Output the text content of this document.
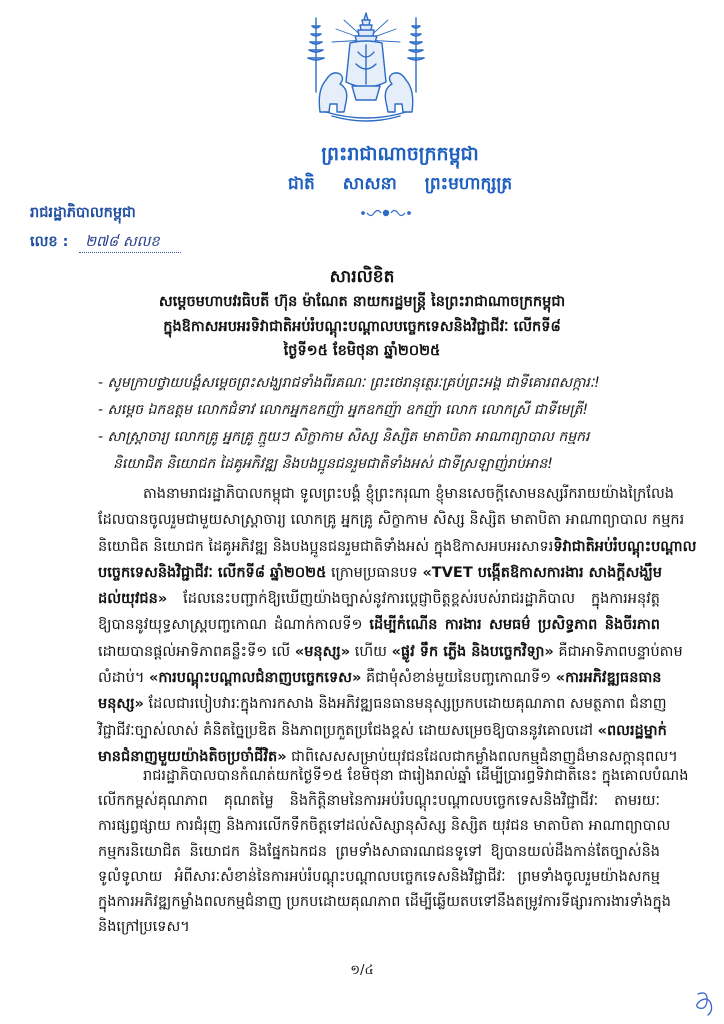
ព្រះរាជាណាចក្រកម្ពុជា
ជាតិ សាសនា ព្រះមហាក្សត្រ
រាជរដ្ឋាភិបាលកម្ពុជា
លេខ : ២៧៨ សលខ
សារលិខិត
សម្តេចមហាបវរធិបតី ហ៊ុន ម៉ាណែត នាយករដ្ឋមន្ត្រី នៃព្រះរាជាណាចក្រកម្ពុជា
ក្នុងឱកាសអបអរទិវាជាតិអប់រំបណ្តុះបណ្តាលបច្ចេកទេសនិងវិជ្ជាជីវៈ លើកទី៨
ថ្ងៃទី១៥ ខែមិថុនា ឆ្នាំ២០២៥
- សូមក្រាបថ្វាយបង្គំសម្តេចព្រះសង្ឃរាជទាំងពីរគណៈ ព្រះថេរានុត្ថេរៈគ្រប់ព្រះអង្គ ជាទីគោរពសក្ការៈ!
- សម្តេច ឯកឧត្តម លោកជំទាវ លោកអ្នកឧកញ៉ា អ្នកឧកញ៉ា ឧកញ៉ា លោក លោកស្រី ជាទីមេត្រី!
- សាស្ត្រាចារ្យ លោកគ្រូ អ្នកគ្រូ ក្មួយៗ សិក្ខាកាម សិស្ស និស្សិត មាតាបិតា អាណាព្យាបាល កម្មករ
និយោជិត និយោជក ដៃគូអភិវឌ្ឍ និងបងប្អូនជនរួមជាតិទាំងអស់ ជាទីស្រឡាញ់រាប់អាន!
តាងនាមរាជរដ្ឋាភិបាលកម្ពុជា ទូលព្រះបង្គំ ខ្ញុំព្រះករុណា ខ្ញុំមានសេចក្តីសោមនស្សរីករាយយ៉ាងក្រៃលែង
ដែលបានចូលរួមជាមួយសាស្ត្រាចារ្យ លោកគ្រូ អ្នកគ្រូ សិក្ខាកាម សិស្ស និស្សិត មាតាបិតា អាណាព្យាបាល កម្មករ
និយោជិត និយោជក ដៃគូអភិវឌ្ឍ និងបងប្អូនជនរួមជាតិទាំងអស់ ក្នុងឱកាសអបអរសាទរទិវាជាតិអប់រំបណ្តុះបណ្តាល
បច្ចេកទេសនិងវិជ្ជាជីវៈ លើកទី៨ ឆ្នាំ២០២៥ ក្រោមប្រធានបទ «TVET បង្កើតឱកាសការងារ សាងក្តីសង្ឃឹម
ដល់យុវជន» ដែលនេះបញ្ជាក់ឱ្យឃើញយ៉ាងច្បាស់នូវការប្តេជ្ញាចិត្តខ្ពស់របស់រាជរដ្ឋាភិបាល ក្នុងការអនុវត្ត
ឱ្យបាននូវយុទ្ធសាស្ត្របញ្ចកោណ ដំណាក់កាលទី១ ដើម្បីកំណើន ការងារ សមធម៌ ប្រសិទ្ធភាព និងចីរភាព
ដោយបានផ្តល់អាទិភាពគន្លឹះទី១ លើ «មនុស្ស» ហើយ «ផ្លូវ ទឹក ភ្លើង និងបច្ចេកវិទ្យា» គឺជាអាទិភាពបន្ទាប់តាម
លំដាប់។ «ការបណ្តុះបណ្តាលជំនាញបច្ចេកទេស» គឺជាមុំសំខាន់មួយនៃបញ្ចកោណទី១ «ការអភិវឌ្ឍធនធាន
មនុស្ស» ដែលជារបៀបវារៈក្នុងការកសាង និងអភិវឌ្ឍធនធានមនុស្សប្រកបដោយគុណភាព សមត្ថភាព ជំនាញ
វិជ្ជាជីវៈច្បាស់លាស់ គំនិតច្នៃប្រឌិត និងភាពប្រកួតប្រជែងខ្ពស់ ដោយសម្រេចឱ្យបាននូវគោលដៅ «ពលរដ្ឋម្នាក់
មានជំនាញមួយយ៉ាងតិចប្រចាំជីវិត» ជាពិសេសសម្រាប់យុវជនដែលជាកម្លាំងពលកម្មជំនាញដ៏មានសក្តានុពល។
រាជរដ្ឋាភិបាលបានកំណត់យកថ្ងៃទី១៥ ខែមិថុនា ជារៀងរាល់ឆ្នាំ ដើម្បីប្រារព្ធទិវាជាតិនេះ ក្នុងគោលបំណង
លើកកម្ពស់គុណភាព គុណតម្លៃ និងកិត្តិនាមនៃការអប់រំបណ្តុះបណ្តាលបច្ចេកទេសនិងវិជ្ជាជីវៈ តាមរយៈ
ការផ្សព្វផ្សាយ ការជំរុញ និងការលើកទឹកចិត្តទៅដល់សិស្សានុសិស្ស និស្សិត យុវជន មាតាបិតា អាណាព្យាបាល
កម្មករនិយោជិត និយោជក និងផ្នែកឯកជន ព្រមទាំងសាធារណជនទូទៅ ឱ្យបានយល់ដឹងកាន់តែច្បាស់និង
ទូលំទូលាយ អំពីសារៈសំខាន់នៃការអប់រំបណ្តុះបណ្តាលបច្ចេកទេសនិងវិជ្ជាជីវៈ ព្រមទាំងចូលរួមយ៉ាងសកម្ម
ក្នុងការអភិវឌ្ឍកម្លាំងពលកម្មជំនាញ ប្រកបដោយគុណភាព ដើម្បីឆ្លើយតបទៅនឹងតម្រូវការទីផ្សារការងារទាំងក្នុង
និងក្រៅប្រទេស។
១/៤
